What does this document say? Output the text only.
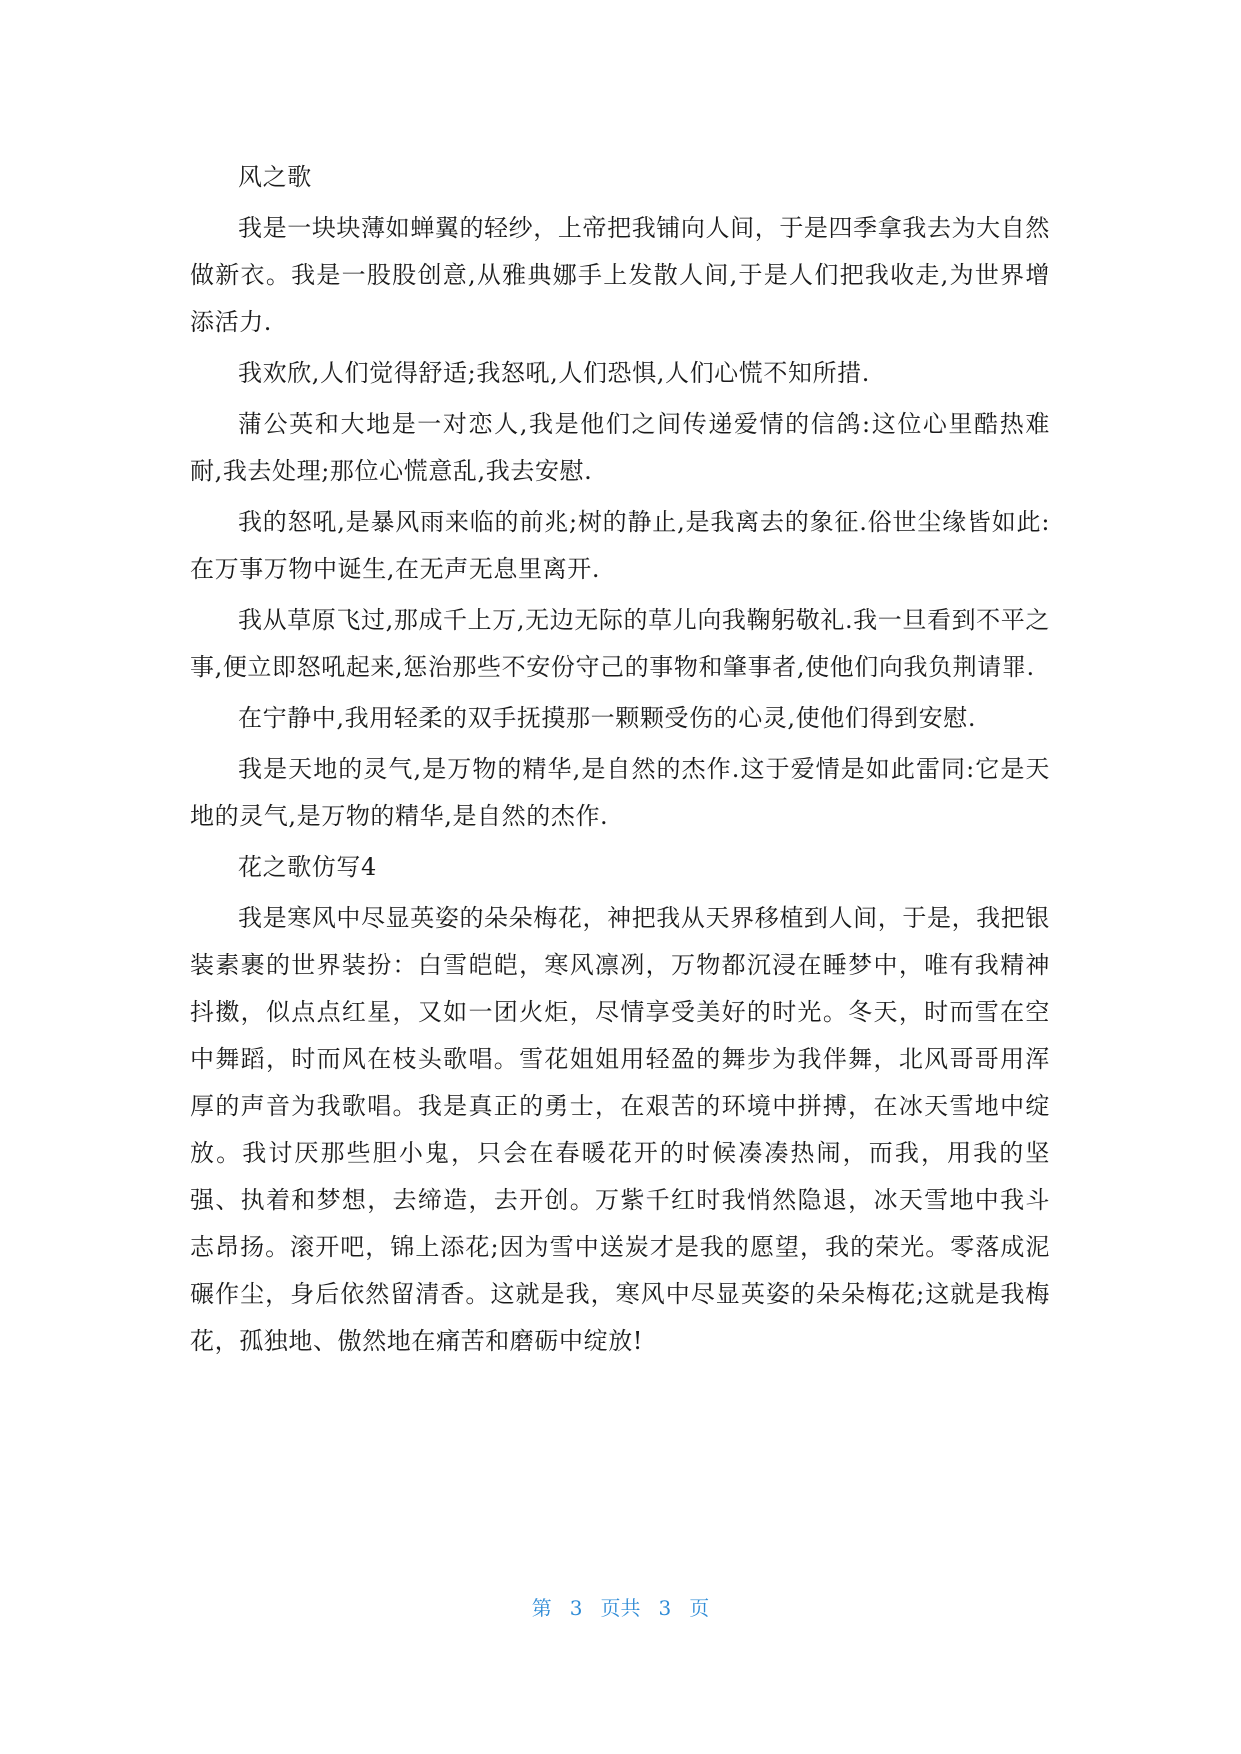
风之歌

我是一块块薄如蝉翼的轻纱，上帝把我铺向人间，于是四季拿我去为大自然做新衣。我是一股股创意,从雅典娜手上发散人间,于是人们把我收走,为世界增添活力.

我欢欣,人们觉得舒适;我怒吼,人们恐惧,人们心慌不知所措.

蒲公英和大地是一对恋人,我是他们之间传递爱情的信鸽:这位心里酷热难耐,我去处理;那位心慌意乱,我去安慰.

我的怒吼,是暴风雨来临的前兆;树的静止,是我离去的象征.俗世尘缘皆如此:在万事万物中诞生,在无声无息里离开.

我从草原飞过,那成千上万,无边无际的草儿向我鞠躬敬礼.我一旦看到不平之事,便立即怒吼起来,惩治那些不安份守己的事物和肇事者,使他们向我负荆请罪.

在宁静中,我用轻柔的双手抚摸那一颗颗受伤的心灵,使他们得到安慰.

我是天地的灵气,是万物的精华,是自然的杰作.这于爱情是如此雷同:它是天地的灵气,是万物的精华,是自然的杰作.

花之歌仿写4

我是寒风中尽显英姿的朵朵梅花，神把我从天界移植到人间，于是，我把银装素裹的世界装扮：白雪皑皑，寒风凛冽，万物都沉浸在睡梦中，唯有我精神抖擞，似点点红星，又如一团火炬，尽情享受美好的时光。冬天，时而雪在空中舞蹈，时而风在枝头歌唱。雪花姐姐用轻盈的舞步为我伴舞，北风哥哥用浑厚的声音为我歌唱。我是真正的勇士，在艰苦的环境中拼搏，在冰天雪地中绽放。我讨厌那些胆小鬼，只会在春暖花开的时候凑凑热闹，而我，用我的坚强、执着和梦想，去缔造，去开创。万紫千红时我悄然隐退，冰天雪地中我斗志昂扬。滚开吧，锦上添花;因为雪中送炭才是我的愿望，我的荣光。零落成泥碾作尘，身后依然留清香。这就是我，寒风中尽显英姿的朵朵梅花;这就是我梅花，孤独地、傲然地在痛苦和磨砺中绽放!

第 3 页共 3 页
